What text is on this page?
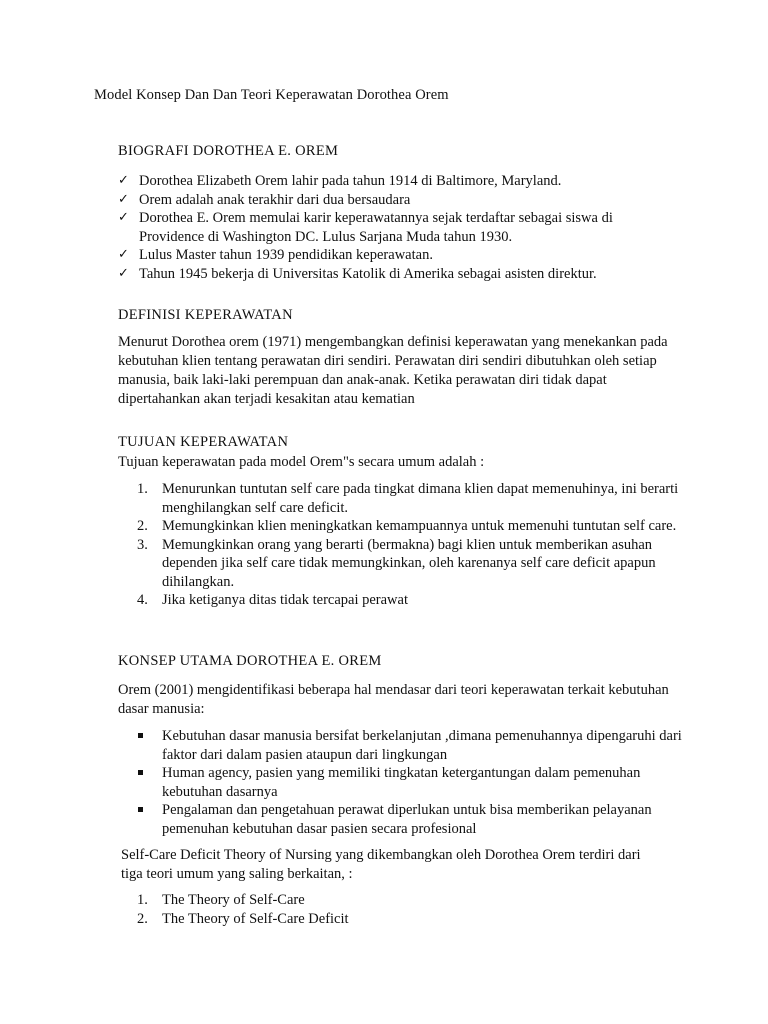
Model Konsep Dan Dan Teori Keperawatan Dorothea Orem
BIOGRAFI DOROTHEA E. OREM
✓ Dorothea Elizabeth Orem lahir pada tahun 1914 di Baltimore, Maryland.
✓ Orem adalah anak terakhir dari dua bersaudara
✓ Dorothea E. Orem memulai karir keperawatannya sejak terdaftar sebagai siswa di Providence di Washington DC. Lulus Sarjana Muda tahun 1930.
✓ Lulus Master tahun 1939 pendidikan keperawatan.
✓ Tahun 1945 bekerja di Universitas Katolik di Amerika sebagai asisten direktur.
DEFINISI KEPERAWATAN
Menurut Dorothea orem (1971) mengembangkan definisi keperawatan yang menekankan pada kebutuhan klien tentang perawatan diri sendiri. Perawatan diri sendiri dibutuhkan oleh setiap manusia, baik laki-laki perempuan dan anak-anak. Ketika perawatan diri tidak dapat dipertahankan akan terjadi kesakitan atau kematian
TUJUAN KEPERAWATAN
Tujuan keperawatan pada model Orem"s secara umum adalah :
1. Menurunkan tuntutan self care pada tingkat dimana klien dapat memenuhinya, ini berarti menghilangkan self care deficit.
2. Memungkinkan klien meningkatkan kemampuannya untuk memenuhi tuntutan self care.
3. Memungkinkan orang yang berarti (bermakna) bagi klien untuk memberikan asuhan dependen jika self care tidak memungkinkan, oleh karenanya self care deficit apapun dihilangkan.
4. Jika ketiganya ditas tidak tercapai perawat
KONSEP UTAMA DOROTHEA E. OREM
Orem (2001) mengidentifikasi beberapa hal mendasar dari teori keperawatan terkait kebutuhan dasar manusia:
Kebutuhan dasar manusia bersifat berkelanjutan ,dimana pemenuhannya dipengaruhi dari faktor dari dalam pasien ataupun dari lingkungan
Human agency, pasien yang memiliki tingkatan ketergantungan dalam pemenuhan kebutuhan dasarnya
Pengalaman dan pengetahuan perawat diperlukan untuk bisa memberikan pelayanan pemenuhan kebutuhan dasar pasien secara profesional
Self-Care Deficit Theory of Nursing yang dikembangkan oleh Dorothea Orem terdiri dari tiga teori umum yang saling berkaitan, :
1. The Theory of Self-Care
2. The Theory of Self-Care Deficit
